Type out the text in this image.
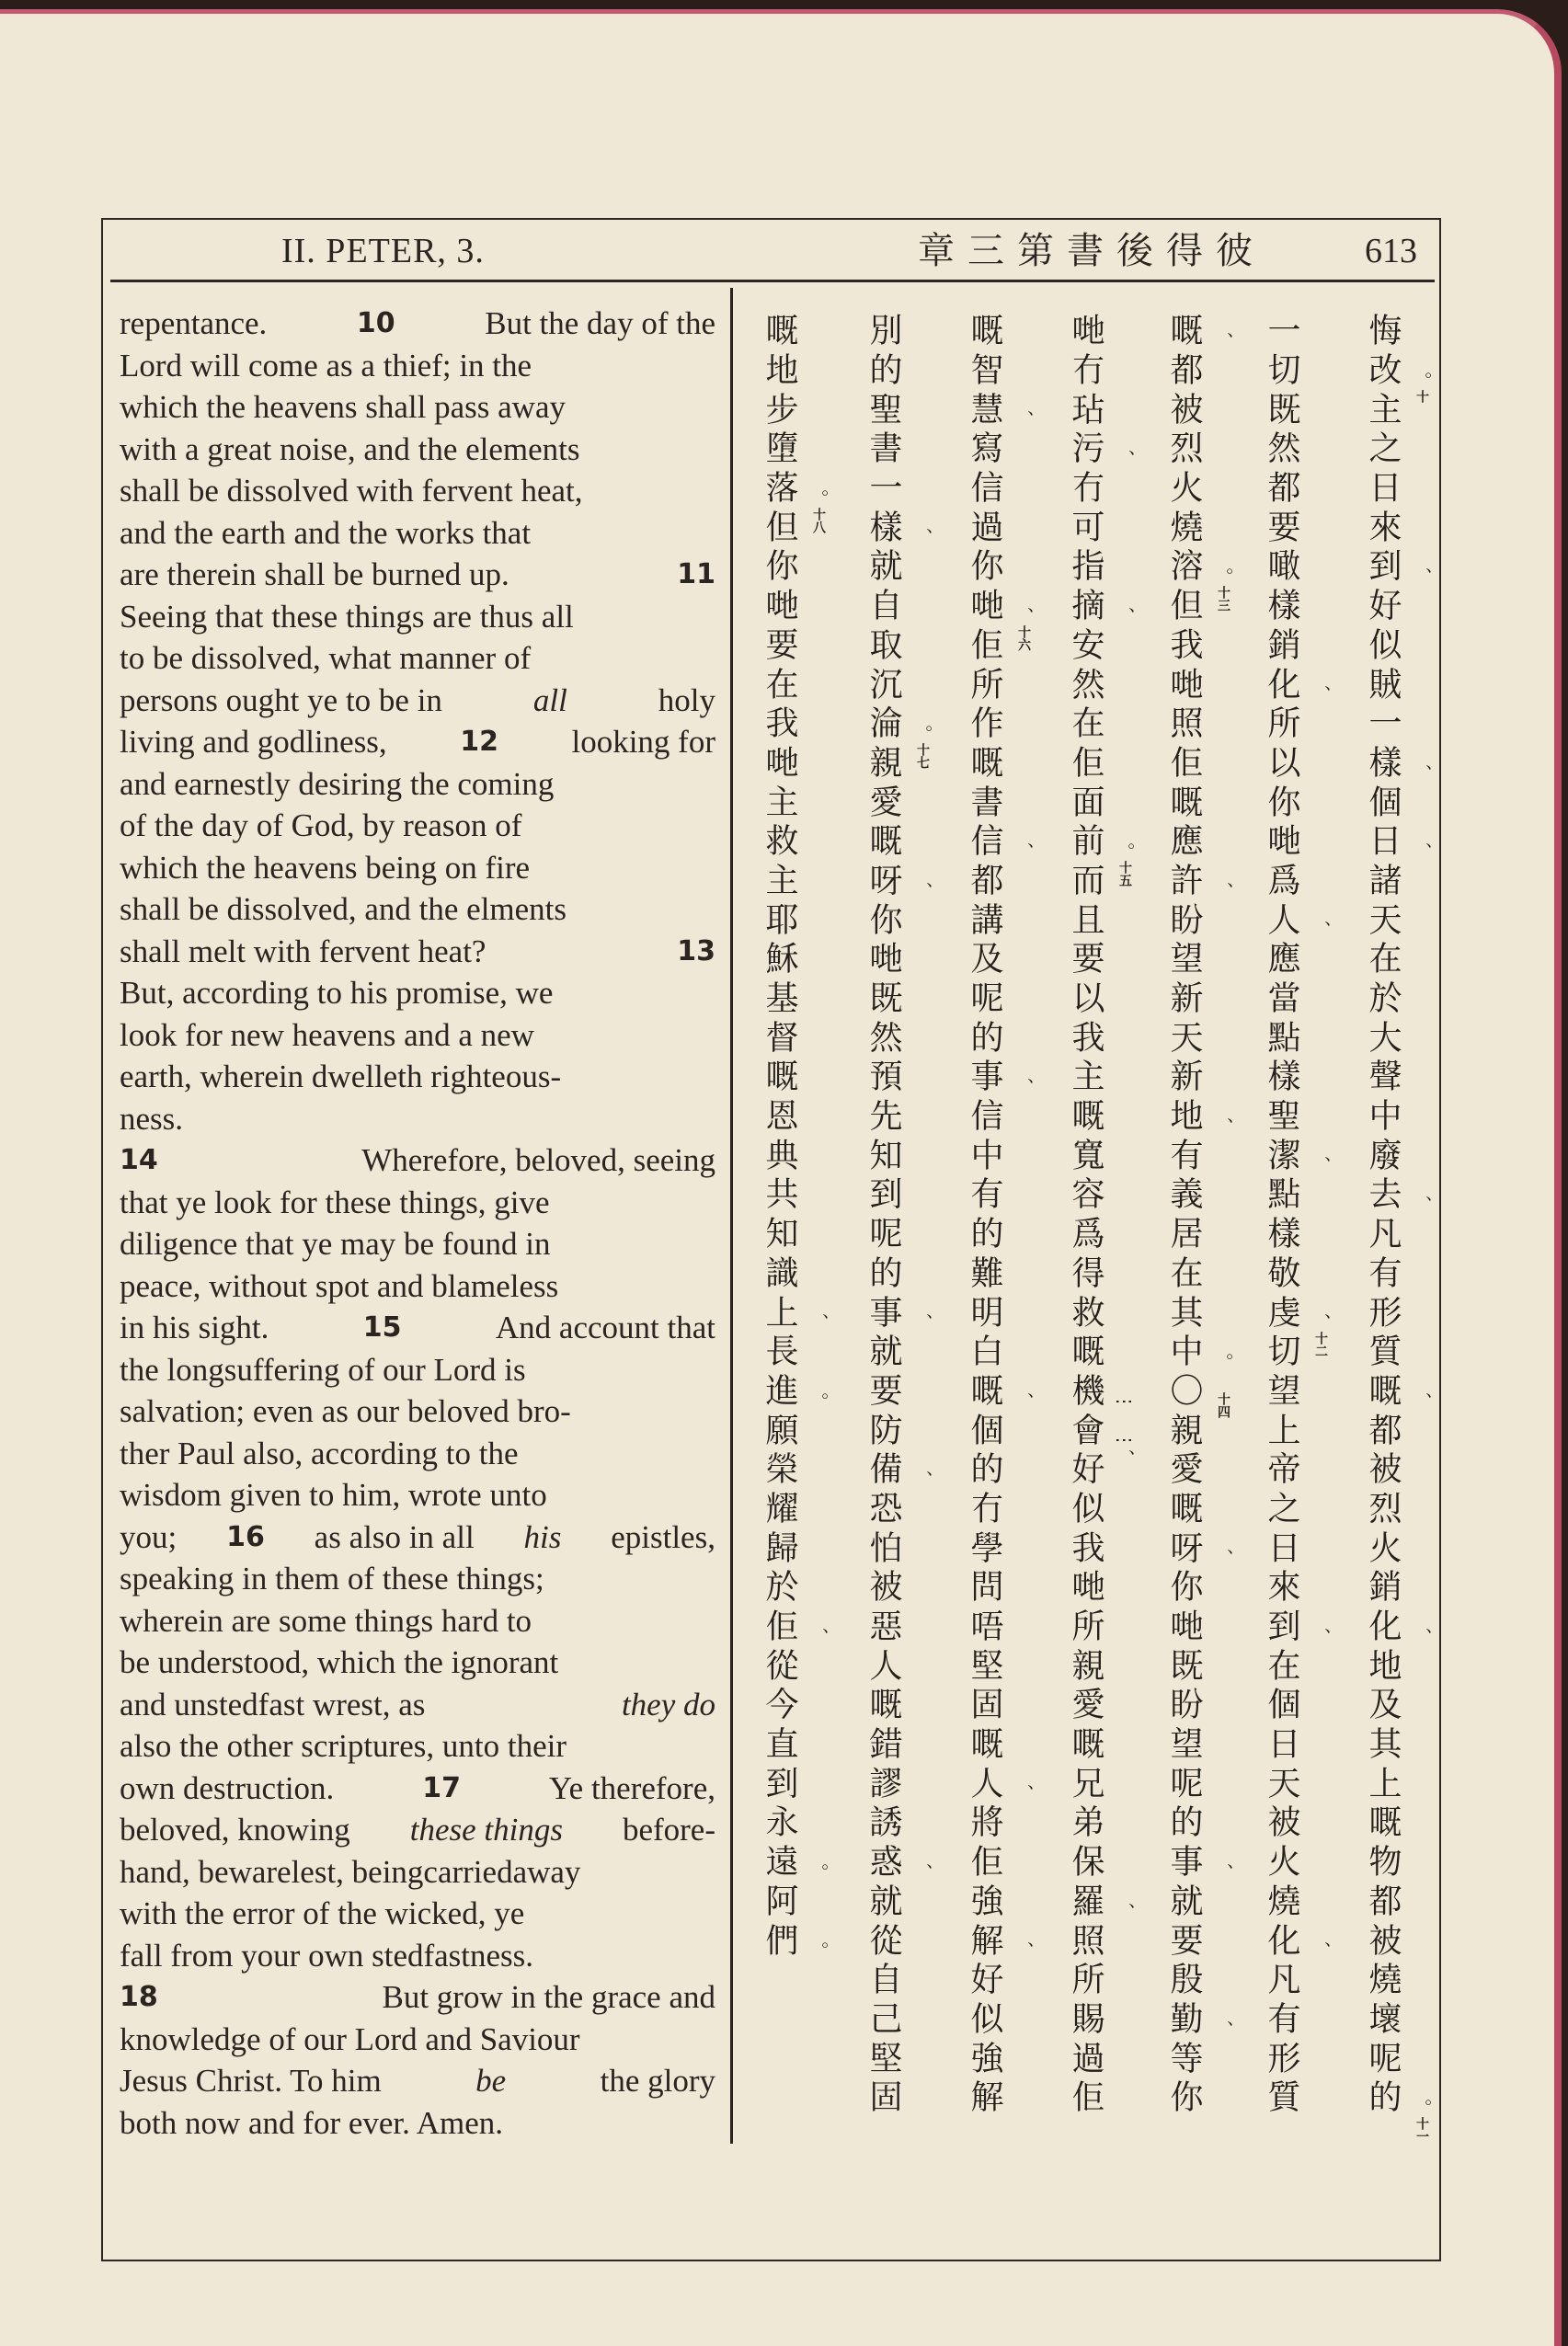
II. PETER, 3.	章三第書後得彼	613
repentance.	10	But the day of the
Lord will come as a thief; in the
which the heavens shall pass away
with a great noise, and the elements
shall be dissolved with fervent heat,
and the earth and the works that
are therein shall be burned up.	11
Seeing that these things are thus all
to be dissolved, what manner of
persons ought ye to be in	all	holy
living and godliness,	12 looking for
and earnestly desiring the coming
of the day of God, by reason of
which the heavens being on fire
shall be dissolved, and the elments
shall melt with fervent heat?	13
But, according to his promise, we
look for new heavens and a new
earth, wherein dwelleth righteous-
ness.
14	Wherefore, beloved, seeing
that ye look for these things, give
diligence that ye may be found in
peace, without spot and blameless
in his sight.	15	And account that
the longsuffering of our Lord is
salvation; even as our beloved bro-
ther Paul also, according to the
wisdom given to him, wrote unto
you; 16 as also in all his epistles,
speaking in them of these things;
wherein are some things hard to
be understood, which the ignorant
and unstedfast wrest, as	they do
also the other scriptures, unto their
own destruction.	17	Ye therefore,
beloved, knowing these things before-
hand, bewarelest, beingcarriedaway
with the error of the wicked, ye
fall from your own stedfastness.
18	But grow in the grace and
knowledge of our Lord and Saviour
Jesus Christ. To him	be	the glory
both now and for ever. Amen.
悔
改 。十
主
之
日
來
到 、
好
似
賊
一
樣 、
個
日 、
諸
天
在
於
大
聲
中
廢
去 、
凡
有
形
質
嘅 、
都
被
烈
火
銷
化 、
地
及
其
上
嘅
物
都
被
燒
壞
呢
的 。十一
一
切
既
然
都
要
噉
樣
銷
化 、
所
以
你
哋
爲
人 、
應
當
點
樣
聖
潔 、
點
樣
敬
虔 、十二
切
望
上
帝
之
日
來
到 、
在
個
日
天
被
火
燒
化 、
凡
有
形
質
嘅 、
都
被
烈
火
燒
溶 。十三
但
我
哋
照
佢
嘅
應
許 、
盼
望
新
天
新
地 、
有
義
居
在
其
中 。
〇 十四
親
愛
嘅
呀 、
你
哋
既
盼
望
呢
的
事 、
就
要
殷
勤 、
等
你
哋
冇
玷
污 、
冇
可
指
摘 、
安
然
在
佢
面
前 。十五
而
且
要
以
我
主
嘅
寬
容
爲
得
救
嘅
機 ⋮
會 ⋮、
好
似
我
哋
所
親
愛
嘅
兄
弟
保
羅 、
照
所
賜
過
佢
嘅
智
慧 、
寫
信
過
你
哋 、十六
佢
所
作
嘅
書
信 、
都
講
及
呢
的
事 、
信
中
有
的
難
明
白
嘅 、
個
的
冇
學
問
唔
堅
固
嘅
人 、
將
佢
強
解 、
好
似
強
解
別
的
聖
書
一
樣 、
就
自
取
沉
淪 。十七
親
愛
嘅
呀 、
你
哋
既
然
預
先
知
到
呢
的
事 、
就
要
防
備 、
恐
怕
被
惡
人
嘅
錯
謬
誘
惑 、
就
從
自
己
堅
固
嘅
地
步
墮
落 。十八
但
你
哋
要
在
我
哋
主
救
主
耶
穌
基
督
嘅
恩
典
共
知
識
上 、
長
進 。
願
榮
耀
歸
於
佢 、
從
今
直
到
永
遠 。
阿
們 。
